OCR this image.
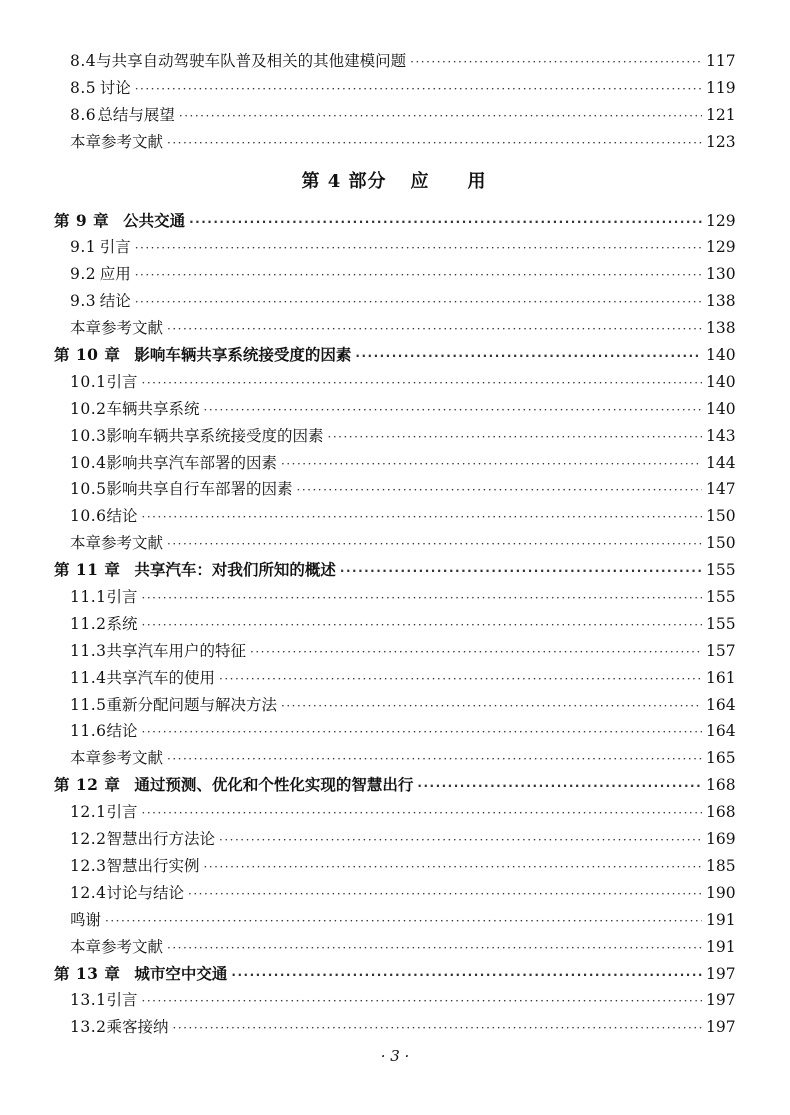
8.4 与共享自动驾驶车队普及相关的其他建模问题 ·····	117
8.5 讨论 ·····	119
8.6 总结与展望 ·····	121
本章参考文献 ·····	123
第 4 部分 应　　用
第 9 章 公共交通 ·····	129
9.1 引言 ·····	129
9.2 应用 ·····	130
9.3 结论 ·····	138
本章参考文献 ·····	138
第 10 章 影响车辆共享系统接受度的因素 ·····	140
10.1 引言 ·····	140
10.2 车辆共享系统 ·····	140
10.3 影响车辆共享系统接受度的因素 ·····	143
10.4 影响共享汽车部署的因素 ·····	144
10.5 影响共享自行车部署的因素 ·····	147
10.6 结论 ·····	150
本章参考文献 ·····	150
第 11 章 共享汽车：对我们所知的概述 ·····	155
11.1 引言 ·····	155
11.2 系统 ·····	155
11.3 共享汽车用户的特征 ·····	157
11.4 共享汽车的使用 ·····	161
11.5 重新分配问题与解决方法 ·····	164
11.6 结论 ·····	164
本章参考文献 ·····	165
第 12 章 通过预测、优化和个性化实现的智慧出行 ·····	168
12.1 引言 ·····	168
12.2 智慧出行方法论 ·····	169
12.3 智慧出行实例 ·····	185
12.4 讨论与结论 ·····	190
鸣谢 ·····	191
本章参考文献 ·····	191
第 13 章 城市空中交通 ·····	197
13.1 引言 ·····	197
13.2 乘客接纳 ·····	197
· 3 ·
